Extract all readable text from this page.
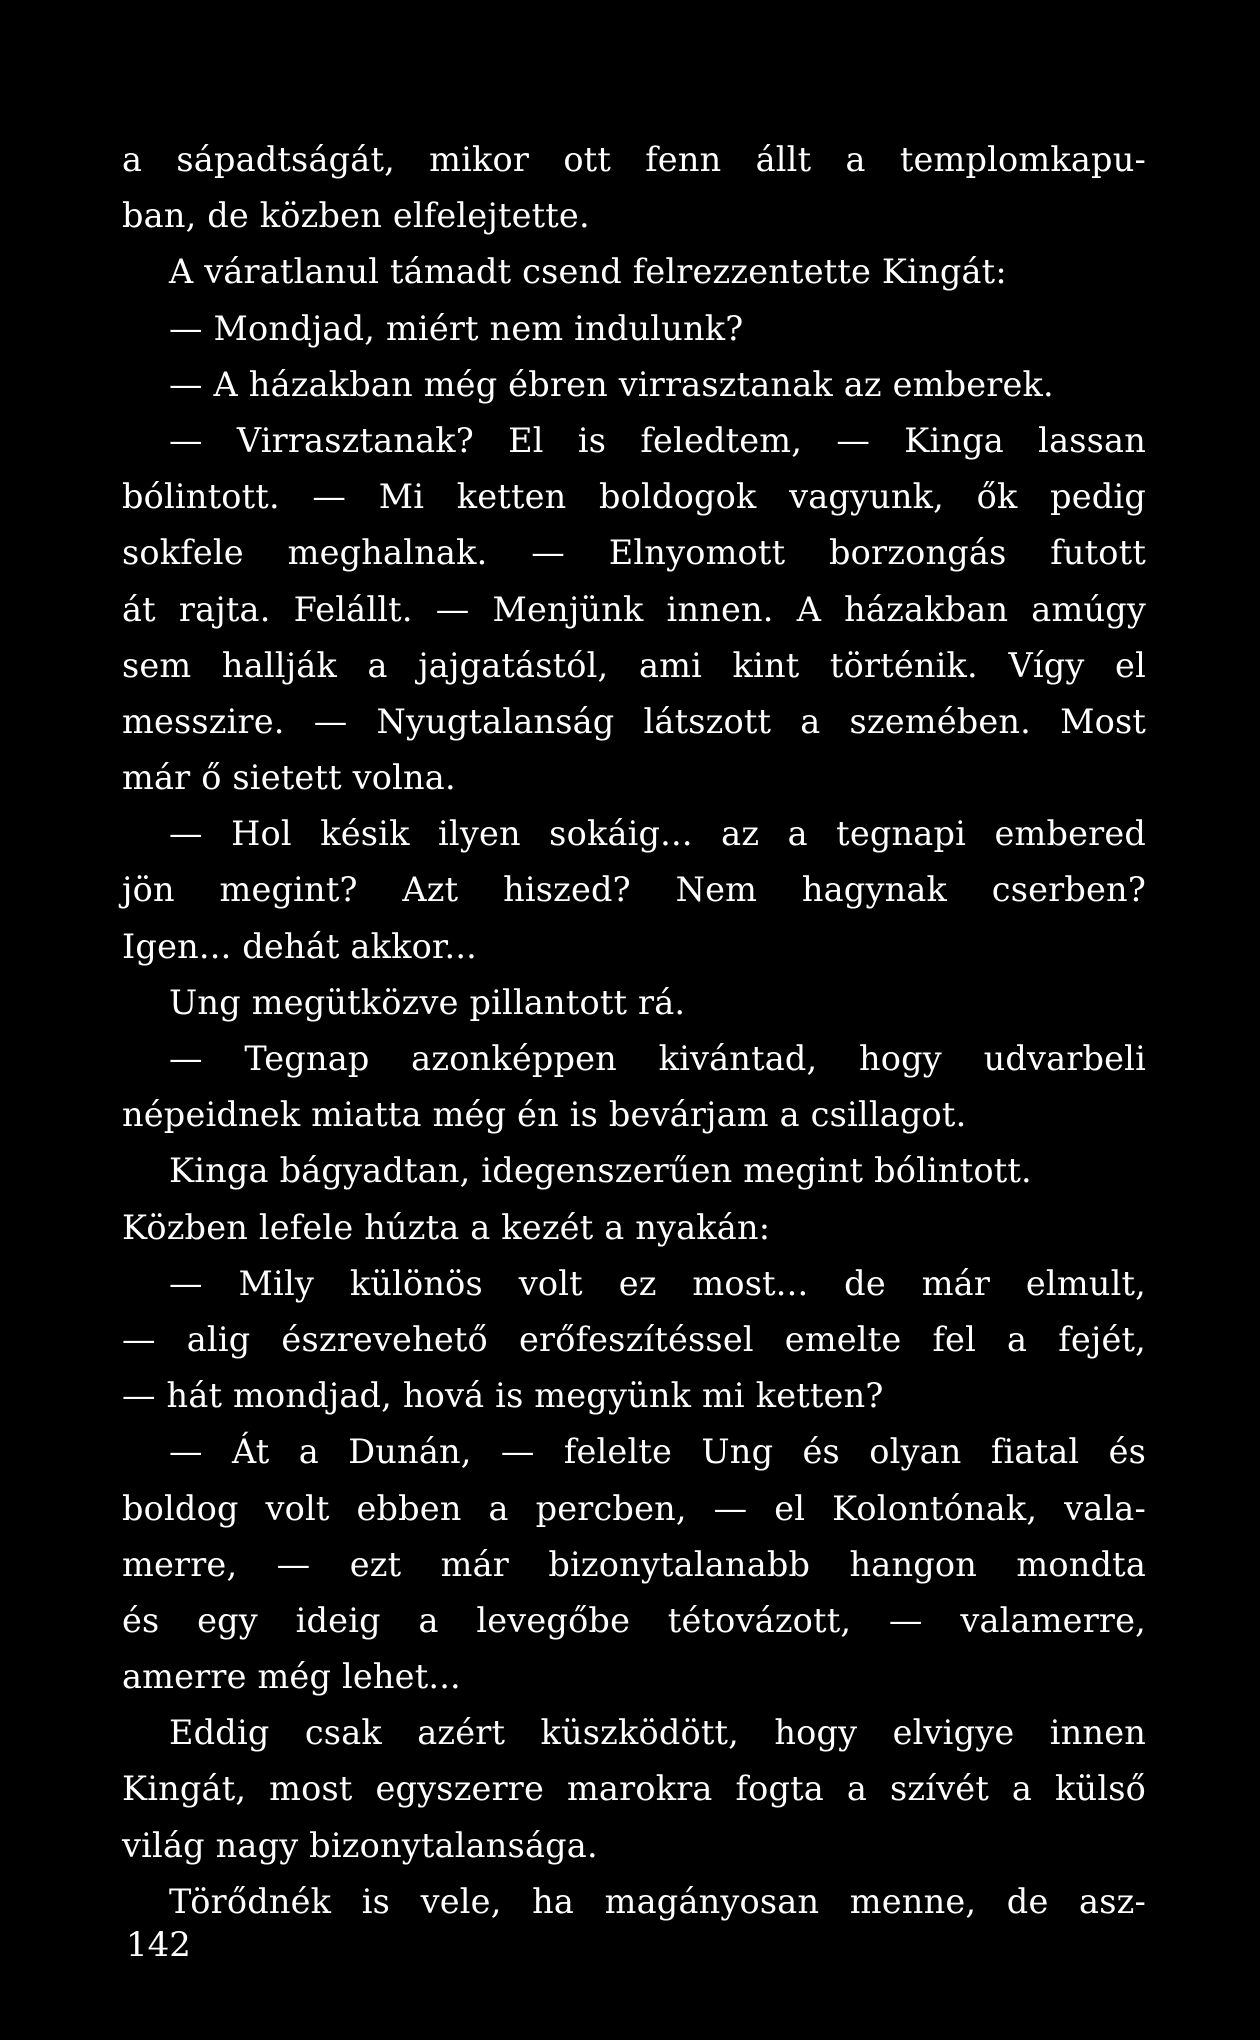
a sápadtságát, mikor ott fenn állt a templomkapu-
ban, de közben elfelejtette.
A váratlanul támadt csend felrezzentette Kingát:
— Mondjad, miért nem indulunk?
— A házakban még ébren virrasztanak az emberek.
— Virrasztanak? El is feledtem, — Kinga lassan
bólintott. — Mi ketten boldogok vagyunk, ők pedig
sokfele meghalnak. — Elnyomott borzongás futott
át rajta. Felállt. — Menjünk innen. A házakban amúgy
sem hallják a jajgatástól, ami kint történik. Vígy el
messzire. — Nyugtalanság látszott a szemében. Most
már ő sietett volna.
— Hol késik ilyen sokáig... az a tegnapi embered
jön megint? Azt hiszed? Nem hagynak cserben?
Igen... dehát akkor...
Ung megütközve pillantott rá.
— Tegnap azonképpen kivántad, hogy udvarbeli
népeidnek miatta még én is bevárjam a csillagot.
Kinga bágyadtan, idegenszerűen megint bólintott.
Közben lefele húzta a kezét a nyakán:
— Mily különös volt ez most... de már elmult,
— alig észrevehető erőfeszítéssel emelte fel a fejét,
— hát mondjad, hová is megyünk mi ketten?
— Át a Dunán, — felelte Ung és olyan fiatal és
boldog volt ebben a percben, — el Kolontónak, vala-
merre, — ezt már bizonytalanabb hangon mondta
és egy ideig a levegőbe tétovázott, — valamerre,
amerre még lehet...
Eddig csak azért küszködött, hogy elvigye innen
Kingát, most egyszerre marokra fogta a szívét a külső
világ nagy bizonytalansága.
Törődnék is vele, ha magányosan menne, de asz-
142
